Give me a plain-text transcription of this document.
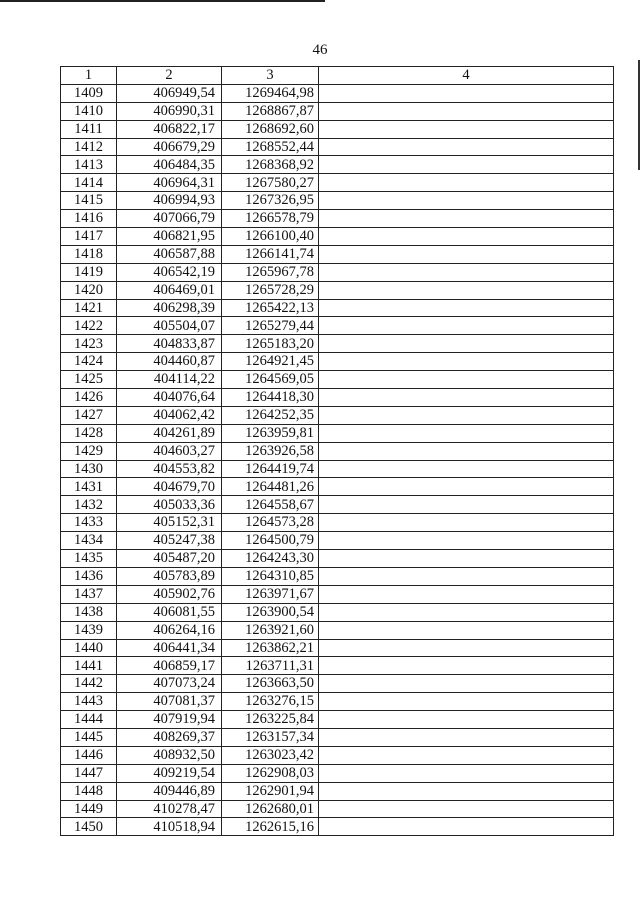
46
1	2	3	4
1409	406949,54	1269464,98	
1410	406990,31	1268867,87	
1411	406822,17	1268692,60	
1412	406679,29	1268552,44	
1413	406484,35	1268368,92	
1414	406964,31	1267580,27	
1415	406994,93	1267326,95	
1416	407066,79	1266578,79	
1417	406821,95	1266100,40	
1418	406587,88	1266141,74	
1419	406542,19	1265967,78	
1420	406469,01	1265728,29	
1421	406298,39	1265422,13	
1422	405504,07	1265279,44	
1423	404833,87	1265183,20	
1424	404460,87	1264921,45	
1425	404114,22	1264569,05	
1426	404076,64	1264418,30	
1427	404062,42	1264252,35	
1428	404261,89	1263959,81	
1429	404603,27	1263926,58	
1430	404553,82	1264419,74	
1431	404679,70	1264481,26	
1432	405033,36	1264558,67	
1433	405152,31	1264573,28	
1434	405247,38	1264500,79	
1435	405487,20	1264243,30	
1436	405783,89	1264310,85	
1437	405902,76	1263971,67	
1438	406081,55	1263900,54	
1439	406264,16	1263921,60	
1440	406441,34	1263862,21	
1441	406859,17	1263711,31	
1442	407073,24	1263663,50	
1443	407081,37	1263276,15	
1444	407919,94	1263225,84	
1445	408269,37	1263157,34	
1446	408932,50	1263023,42	
1447	409219,54	1262908,03	
1448	409446,89	1262901,94	
1449	410278,47	1262680,01	
1450	410518,94	1262615,16	
